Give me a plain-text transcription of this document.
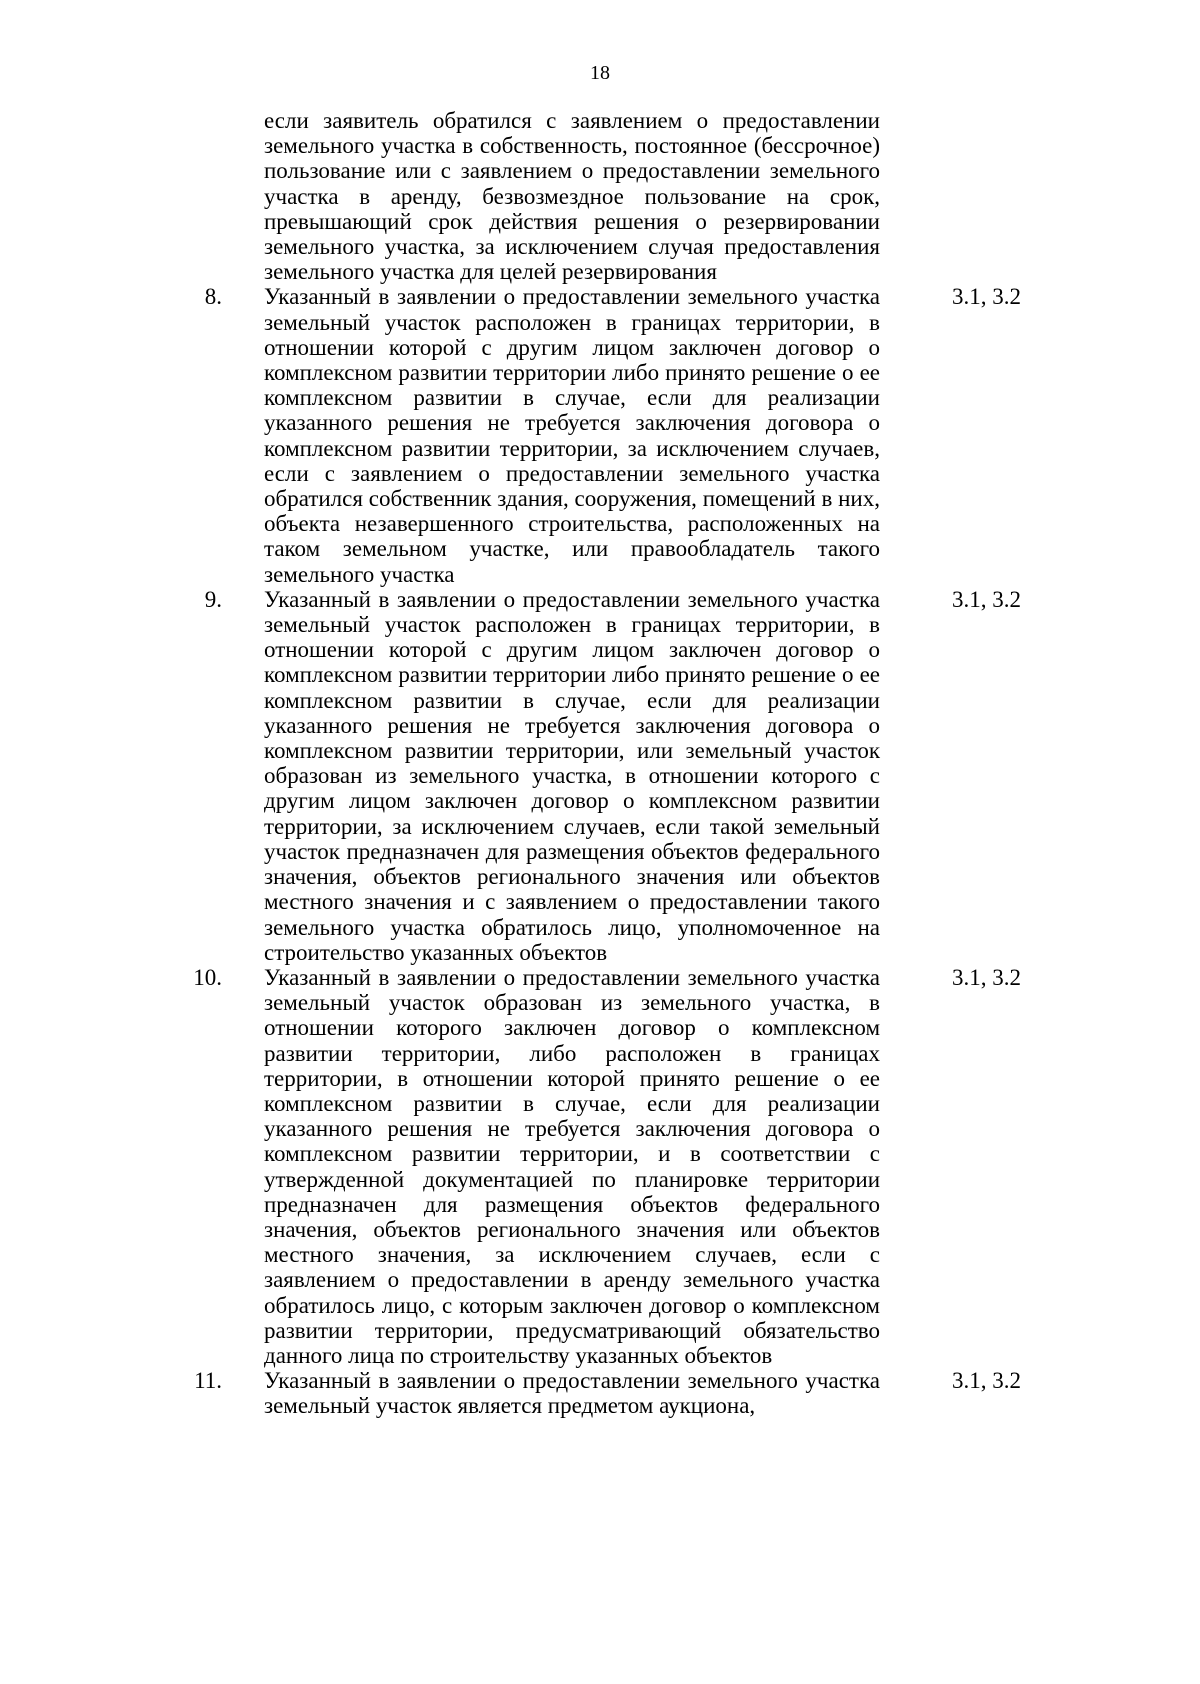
18
если заявитель обратился с заявлением о предоставлении земельного участка в собственность, постоянное (бессрочное) пользование или с заявлением о предоставлении земельного участка в аренду, безвозмездное пользование на срок, превышающий срок действия решения о резервировании земельного участка, за исключением случая предоставления земельного участка для целей резервирования
8. Указанный в заявлении о предоставлении земельного участка земельный участок расположен в границах территории, в отношении которой с другим лицом заключен договор о комплексном развитии территории либо принято решение о ее комплексном развитии в случае, если для реализации указанного решения не требуется заключения договора о комплексном развитии территории, за исключением случаев, если с заявлением о предоставлении земельного участка обратился собственник здания, сооружения, помещений в них, объекта незавершенного строительства, расположенных на таком земельном участке, или правообладатель такого земельного участка
3.1, 3.2
9. Указанный в заявлении о предоставлении земельного участка земельный участок расположен в границах территории, в отношении которой с другим лицом заключен договор о комплексном развитии территории либо принято решение о ее комплексном развитии в случае, если для реализации указанного решения не требуется заключения договора о комплексном развитии территории, или земельный участок образован из земельного участка, в отношении которого с другим лицом заключен договор о комплексном развитии территории, за исключением случаев, если такой земельный участок предназначен для размещения объектов федерального значения, объектов регионального значения или объектов местного значения и с заявлением о предоставлении такого земельного участка обратилось лицо, уполномоченное на строительство указанных объектов
3.1, 3.2
10. Указанный в заявлении о предоставлении земельного участка земельный участок образован из земельного участка, в отношении которого заключен договор о комплексном развитии территории, либо расположен в границах территории, в отношении которой принято решение о ее комплексном развитии в случае, если для реализации указанного решения не требуется заключения договора о комплексном развитии территории, и в соответствии с утвержденной документацией по планировке территории предназначен для размещения объектов федерального значения, объектов регионального значения или объектов местного значения, за исключением случаев, если с заявлением о предоставлении в аренду земельного участка обратилось лицо, с которым заключен договор о комплексном развитии территории, предусматривающий обязательство данного лица по строительству указанных объектов
3.1, 3.2
11. Указанный в заявлении о предоставлении земельного участка земельный участок является предметом аукциона,
3.1, 3.2
